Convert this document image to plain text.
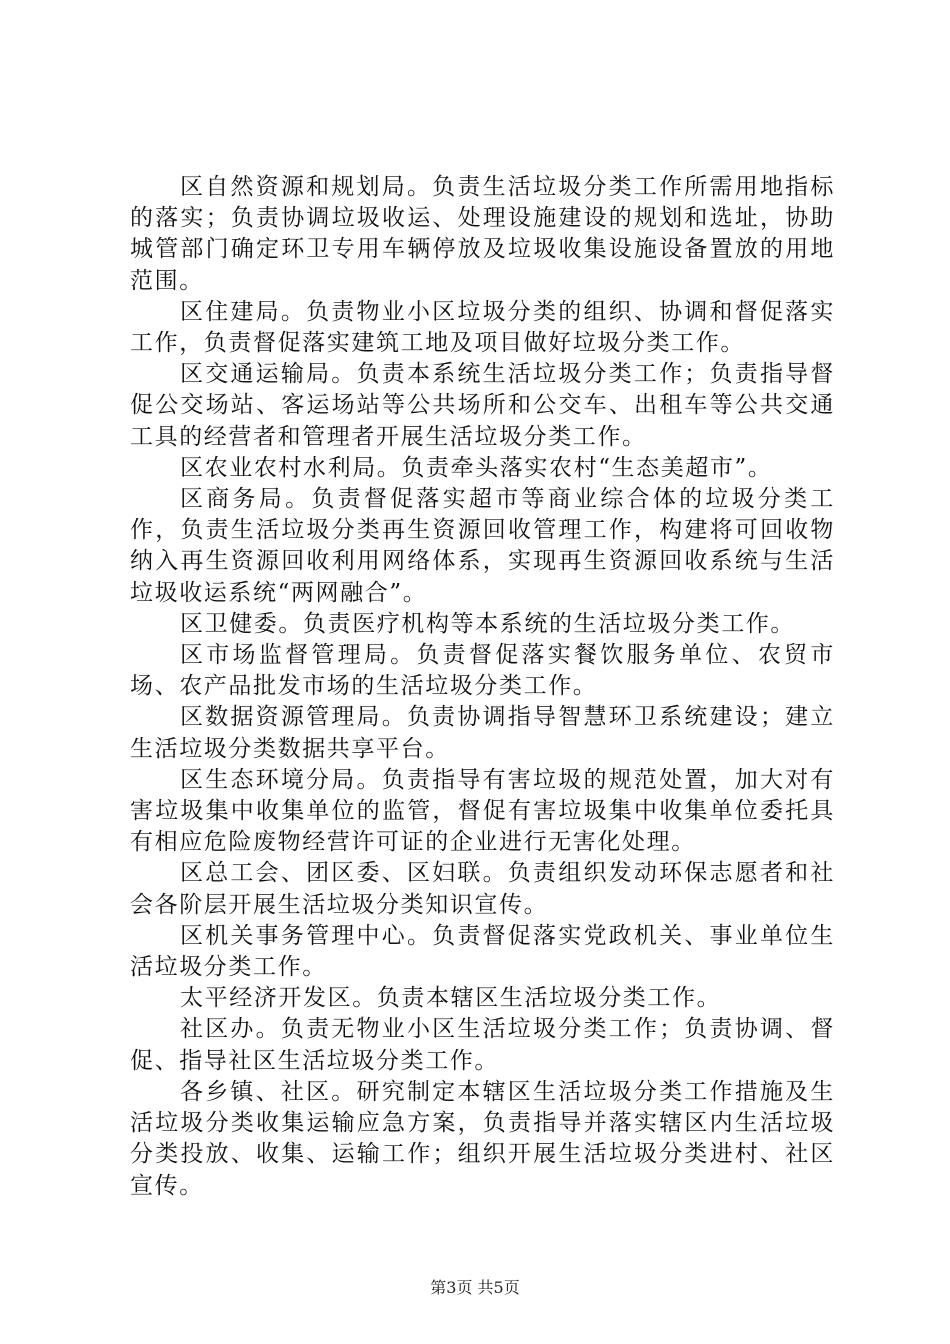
区自然资源和规划局。负责生活垃圾分类工作所需用地指标的落实；负责协调垃圾收运、处理设施建设的规划和选址，协助城管部门确定环卫专用车辆停放及垃圾收集设施设备置放的用地范围。

区住建局。负责物业小区垃圾分类的组织、协调和督促落实工作，负责督促落实建筑工地及项目做好垃圾分类工作。

区交通运输局。负责本系统生活垃圾分类工作；负责指导督促公交场站、客运场站等公共场所和公交车、出租车等公共交通工具的经营者和管理者开展生活垃圾分类工作。

区农业农村水利局。负责牵头落实农村“生态美超市”。

区商务局。负责督促落实超市等商业综合体的垃圾分类工作，负责生活垃圾分类再生资源回收管理工作，构建将可回收物纳入再生资源回收利用网络体系，实现再生资源回收系统与生活垃圾收运系统“两网融合”。

区卫健委。负责医疗机构等本系统的生活垃圾分类工作。

区市场监督管理局。负责督促落实餐饮服务单位、农贸市场、农产品批发市场的生活垃圾分类工作。

区数据资源管理局。负责协调指导智慧环卫系统建设；建立生活垃圾分类数据共享平台。

区生态环境分局。负责指导有害垃圾的规范处置，加大对有害垃圾集中收集单位的监管，督促有害垃圾集中收集单位委托具有相应危险废物经营许可证的企业进行无害化处理。

区总工会、团区委、区妇联。负责组织发动环保志愿者和社会各阶层开展生活垃圾分类知识宣传。

区机关事务管理中心。负责督促落实党政机关、事业单位生活垃圾分类工作。

太平经济开发区。负责本辖区生活垃圾分类工作。

社区办。负责无物业小区生活垃圾分类工作；负责协调、督促、指导社区生活垃圾分类工作。

各乡镇、社区。研究制定本辖区生活垃圾分类工作措施及生活垃圾分类收集运输应急方案，负责指导并落实辖区内生活垃圾分类投放、收集、运输工作；组织开展生活垃圾分类进村、社区宣传。

第3页 共5页
